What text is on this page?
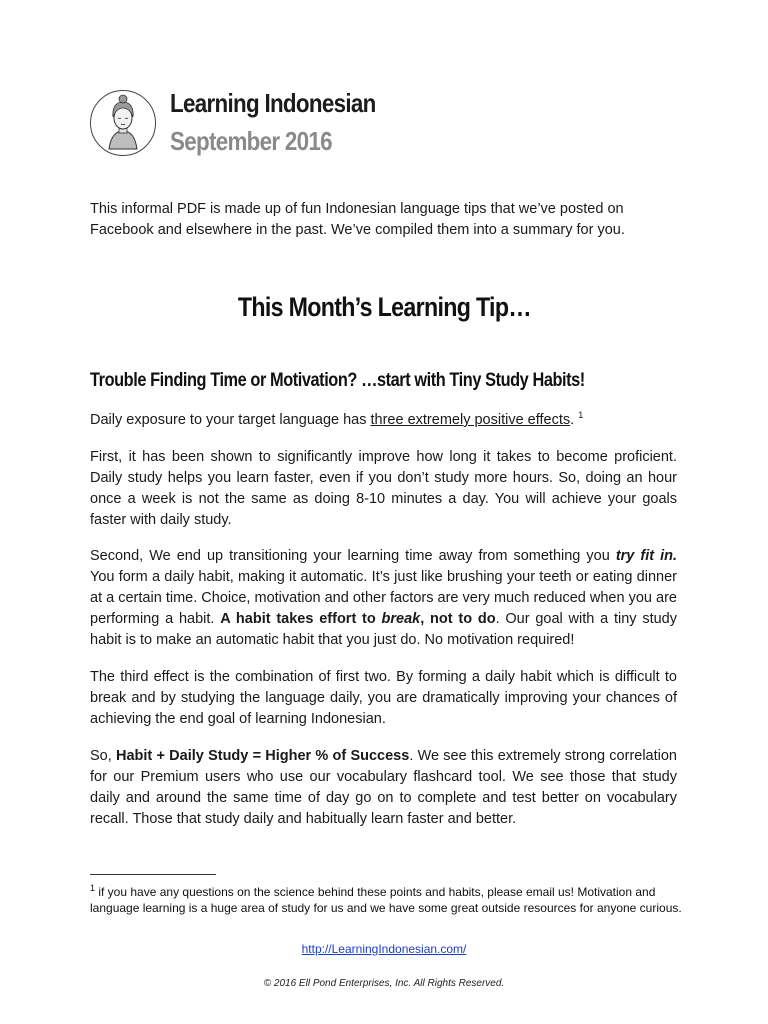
Learning Indonesian
September 2016
This informal PDF is made up of fun Indonesian language tips that we’ve posted on Facebook and elsewhere in the past. We’ve compiled them into a summary for you.
This Month’s Learning Tip…
Trouble Finding Time or Motivation? …start with Tiny Study Habits!
Daily exposure to your target language has three extremely positive effects. $^1$
First, it has been shown to significantly improve how long it takes to become proficient. Daily study helps you learn faster, even if you don’t study more hours. So, doing an hour once a week is not the same as doing 8-10 minutes a day. You will achieve your goals faster with daily study.
Second, We end up transitioning your learning time away from something you try fit in. You form a daily habit, making it automatic. It’s just like brushing your teeth or eating dinner at a certain time. Choice, motivation and other factors are very much reduced when you are performing a habit. A habit takes effort to break, not to do. Our goal with a tiny study habit is to make an automatic habit that you just do. No motivation required!
The third effect is the combination of first two. By forming a daily habit which is difficult to break and by studying the language daily, you are dramatically improving your chances of achieving the end goal of learning Indonesian.
So, Habit + Daily Study = Higher % of Success. We see this extremely strong correlation for our Premium users who use our vocabulary flashcard tool. We see those that study daily and around the same time of day go on to complete and test better on vocabulary recall. Those that study daily and habitually learn faster and better.
$^1$ if you have any questions on the science behind these points and habits, please email us! Motivation and language learning is a huge area of study for us and we have some great outside resources for anyone curious.
http://LearningIndonesian.com/
© 2016 Ell Pond Enterprises, Inc. All Rights Reserved.
